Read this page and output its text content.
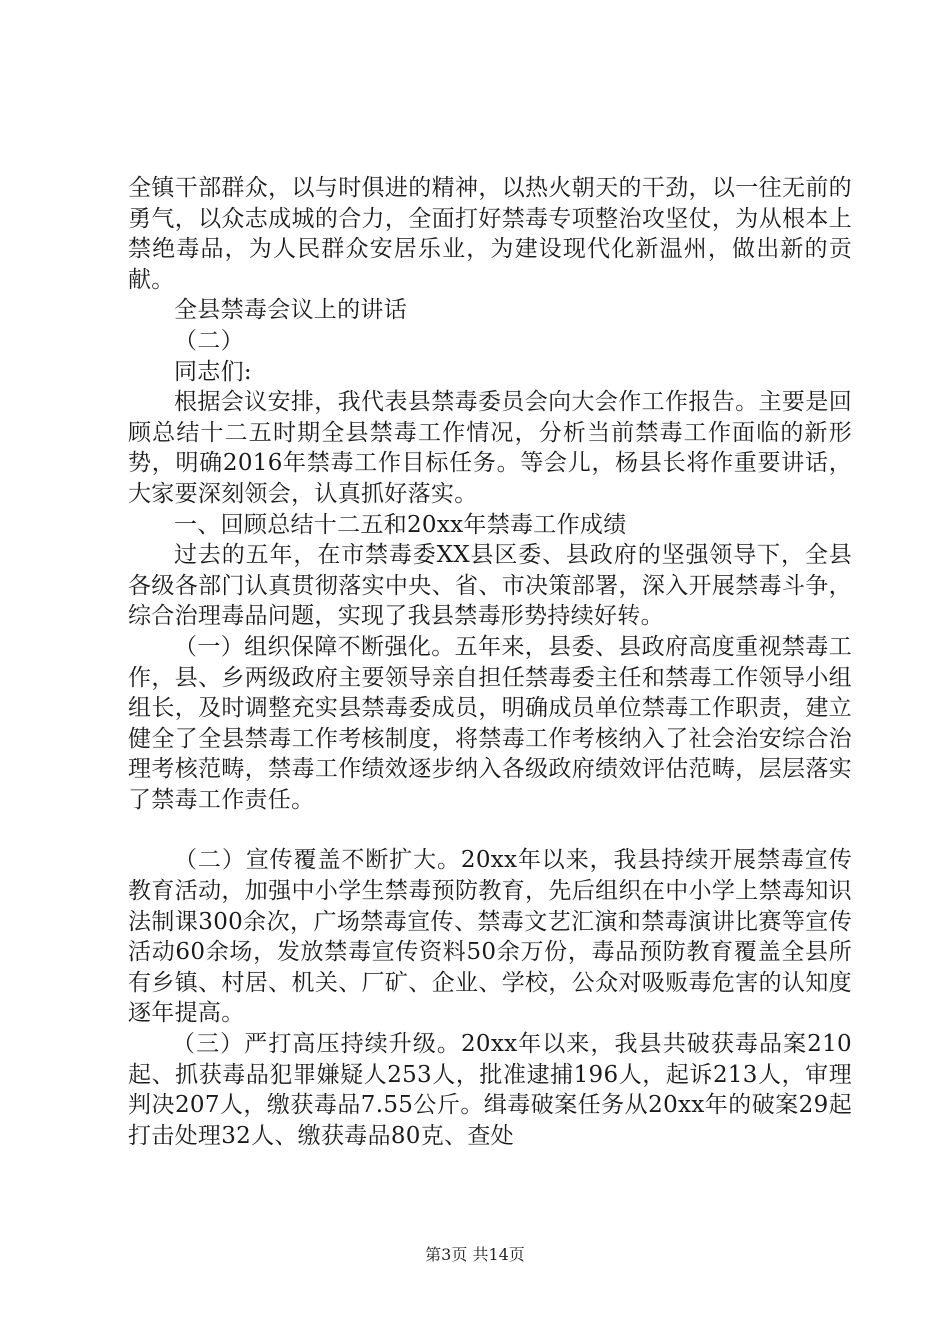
全镇干部群众，以与时俱进的精神，以热火朝天的干劲，以一往无前的勇气，以众志成城的合力，全面打好禁毒专项整治攻坚仗，为从根本上禁绝毒品，为人民群众安居乐业，为建设现代化新温州，做出新的贡献。

全县禁毒会议上的讲话

（二）

同志们:

根据会议安排，我代表县禁毒委员会向大会作工作报告。主要是回顾总结十二五时期全县禁毒工作情况，分析当前禁毒工作面临的新形势，明确2016年禁毒工作目标任务。等会儿，杨县长将作重要讲话，大家要深刻领会，认真抓好落实。

一、回顾总结十二五和20xx年禁毒工作成绩

过去的五年，在市禁毒委XX县区委、县政府的坚强领导下，全县各级各部门认真贯彻落实中央、省、市决策部署，深入开展禁毒斗争，综合治理毒品问题，实现了我县禁毒形势持续好转。

（一）组织保障不断强化。五年来，县委、县政府高度重视禁毒工作，县、乡两级政府主要领导亲自担任禁毒委主任和禁毒工作领导小组组长，及时调整充实县禁毒委成员，明确成员单位禁毒工作职责，建立健全了全县禁毒工作考核制度，将禁毒工作考核纳入了社会治安综合治理考核范畴，禁毒工作绩效逐步纳入各级政府绩效评估范畴，层层落实了禁毒工作责任。

（二）宣传覆盖不断扩大。20xx年以来，我县持续开展禁毒宣传教育活动，加强中小学生禁毒预防教育，先后组织在中小学上禁毒知识法制课300余次，广场禁毒宣传、禁毒文艺汇演和禁毒演讲比赛等宣传活动60余场，发放禁毒宣传资料50余万份，毒品预防教育覆盖全县所有乡镇、村居、机关、厂矿、企业、学校，公众对吸贩毒危害的认知度逐年提高。

（三）严打高压持续升级。20xx年以来，我县共破获毒品案210起、抓获毒品犯罪嫌疑人253人，批准逮捕196人，起诉213人，审理判决207人，缴获毒品7.55公斤。缉毒破案任务从20xx年的破案29起打击处理32人、缴获毒品80克、查处

第3页 共14页
